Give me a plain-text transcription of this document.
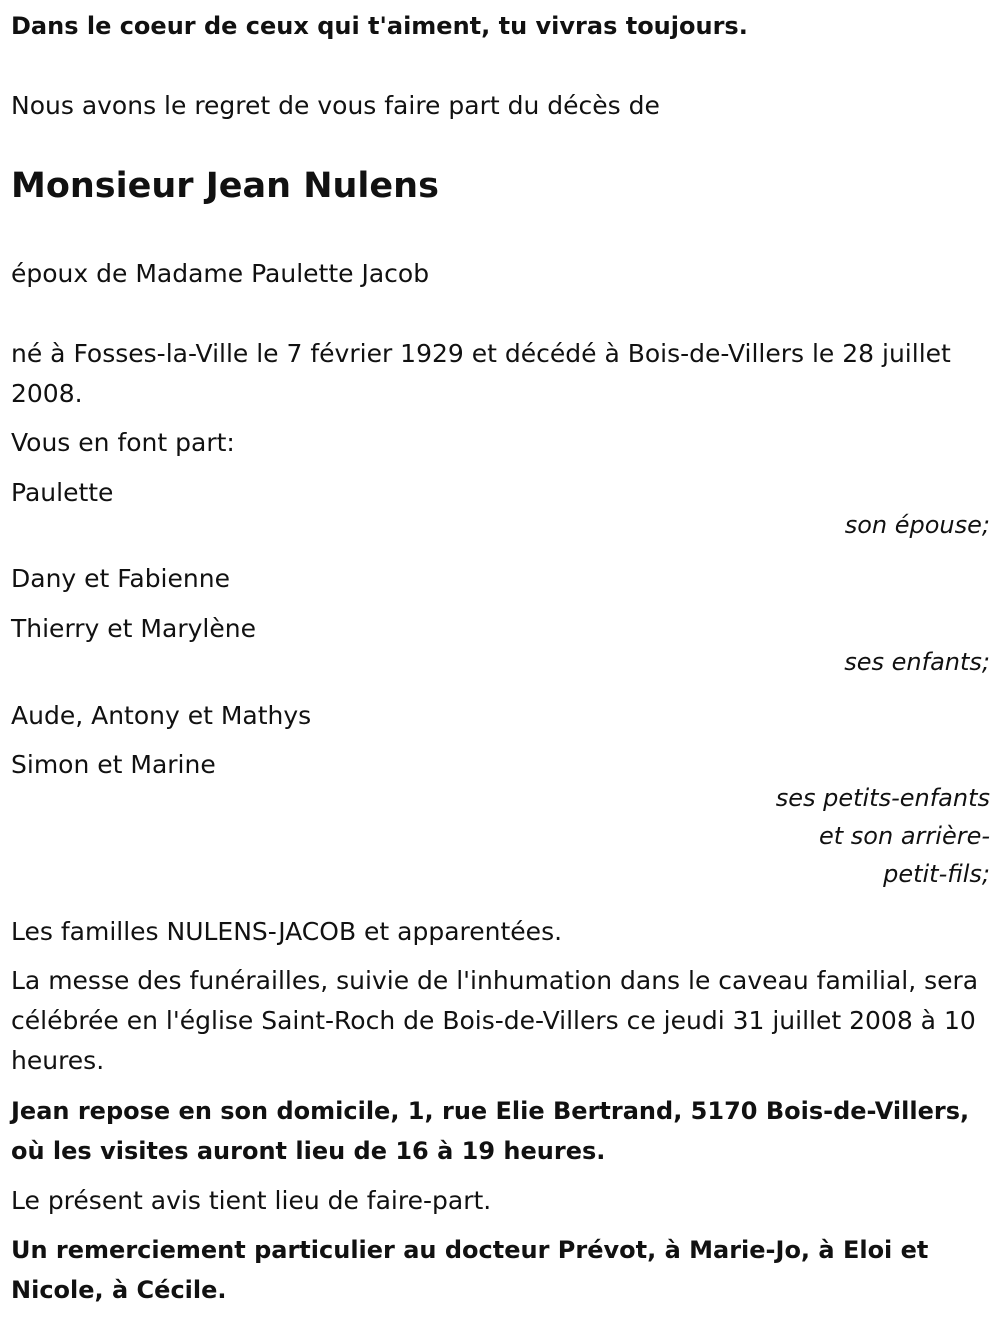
Dans le coeur de ceux qui t'aiment, tu vivras toujours.

Nous avons le regret de vous faire part du décès de

Monsieur Jean Nulens

époux de Madame Paulette Jacob

né à Fosses-la-Ville le 7 février 1929 et décédé à Bois-de-Villers le 28 juillet 2008.

Vous en font part:

Paulette

son épouse;

Dany et Fabienne

Thierry et Marylène

ses enfants;

Aude, Antony et Mathys

Simon et Marine

ses petits-enfants

et son arrière-

petit-fils;

Les familles NULENS-JACOB et apparentées.

La messe des funérailles, suivie de l'inhumation dans le caveau familial, sera célébrée en l'église Saint-Roch de Bois-de-Villers ce jeudi 31 juillet 2008 à 10 heures.

Jean repose en son domicile, 1, rue Elie Bertrand, 5170 Bois-de-Villers, où les visites auront lieu de 16 à 19 heures.

Le présent avis tient lieu de faire-part.

Un remerciement particulier au docteur Prévot, à Marie-Jo, à Eloi et Nicole, à Cécile.
